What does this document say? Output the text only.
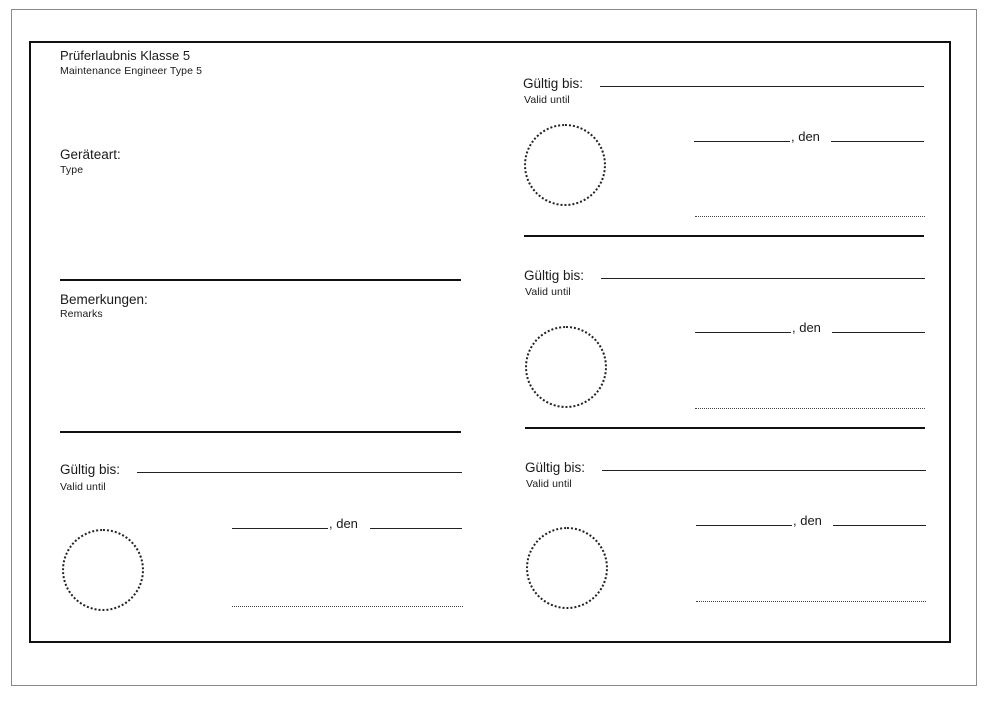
Prüferlaubnis Klasse 5
Maintenance Engineer Type 5
Geräteart:
Type
Bemerkungen:
Remarks
Gültig bis:
Valid until
, den
Gültig bis:
Valid until
, den
Gültig bis:
Valid until
, den
Gültig bis:
Valid until
, den
